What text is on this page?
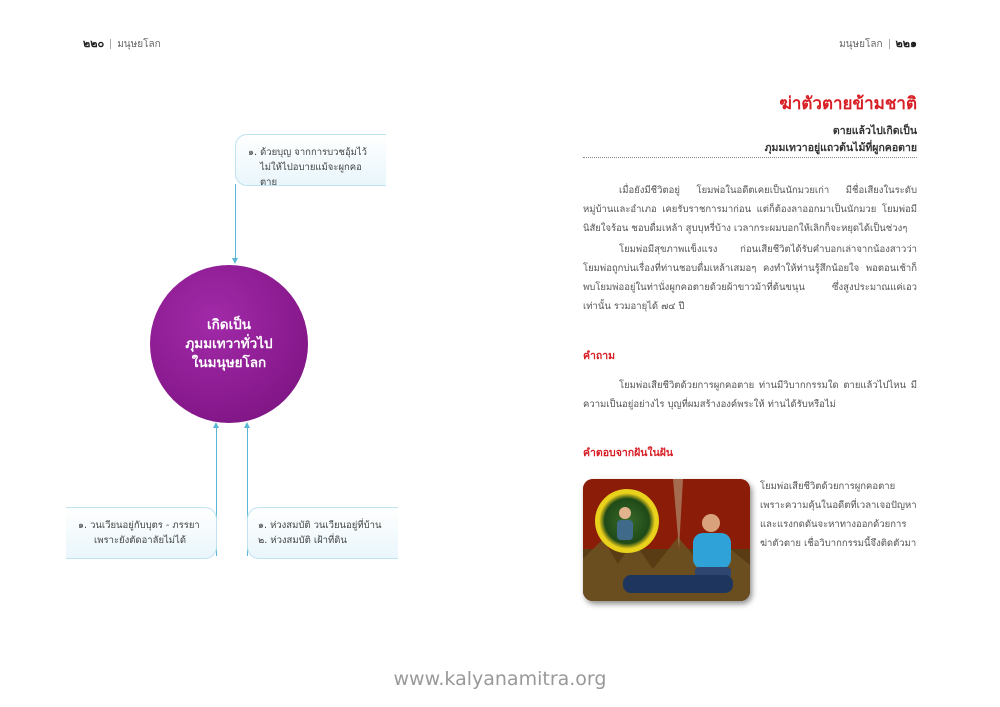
๒๒๐ มนุษยโลก	มนุษยโลก ๒๒๑
๑. ด้วยบุญ จากการบวชอุ้มไว้
ไม่ให้ไปอบายแม้จะผูกคอตาย
เกิดเป็น
ภุมมเทวาทั่วไป
ในมนุษยโลก
๑. วนเวียนอยู่กับบุตร - ภรรยา
เพราะยังตัดอาลัยไม่ได้
๑. ห่วงสมบัติ วนเวียนอยู่ที่บ้าน
๒. ห่วงสมบัติ เฝ้าที่ดิน
ฆ่าตัวตายข้ามชาติ
ตายแล้วไปเกิดเป็น
ภุมมเทวาอยู่แถวต้นไม้ที่ผูกคอตาย
เมื่อยังมีชีวิตอยู่ โยมพ่อในอดีตเคยเป็นนักมวยเก่า มีชื่อเสียงในระดับหมู่บ้านและอำเภอ เคยรับราชการมาก่อน แต่ก็ต้องลาออกมาเป็นนักมวย โยมพ่อมีนิสัยใจร้อน ชอบดื่มเหล้า สูบบุหรี่บ้าง เวลากระผมบอกให้เลิกก็จะหยุดได้เป็นช่วงๆ
โยมพ่อมีสุขภาพแข็งแรง ก่อนเสียชีวิตได้รับคำบอกเล่าจากน้องสาวว่า โยมพ่อถูกบ่นเรื่องที่ท่านชอบดื่มเหล้าเสมอๆ คงทำให้ท่านรู้สึกน้อยใจ พอตอนเช้าก็พบโยมพ่ออยู่ในท่านั่งผูกคอตายด้วยผ้าขาวม้าที่ต้นขนุน ซึ่งสูงประมาณแค่เอวเท่านั้น รวมอายุได้ ๗๔ ปี
คำถาม
โยมพ่อเสียชีวิตด้วยการผูกคอตาย ท่านมีวิบากกรรมใด ตายแล้วไปไหน มีความเป็นอยู่อย่างไร บุญที่ผมสร้างองค์พระให้ ท่านได้รับหรือไม่
คำตอบจากฝันในฝัน
โยมพ่อเสียชีวิตด้วยการผูกคอตาย
เพราะความคุ้นในอดีตที่เวลาเจอปัญหา
และแรงกดดันจะหาทางออกด้วยการ
ฆ่าตัวตาย เชื่อวิบากกรรมนี้จึงติดตัวมา
www.kalyanamitra.org
